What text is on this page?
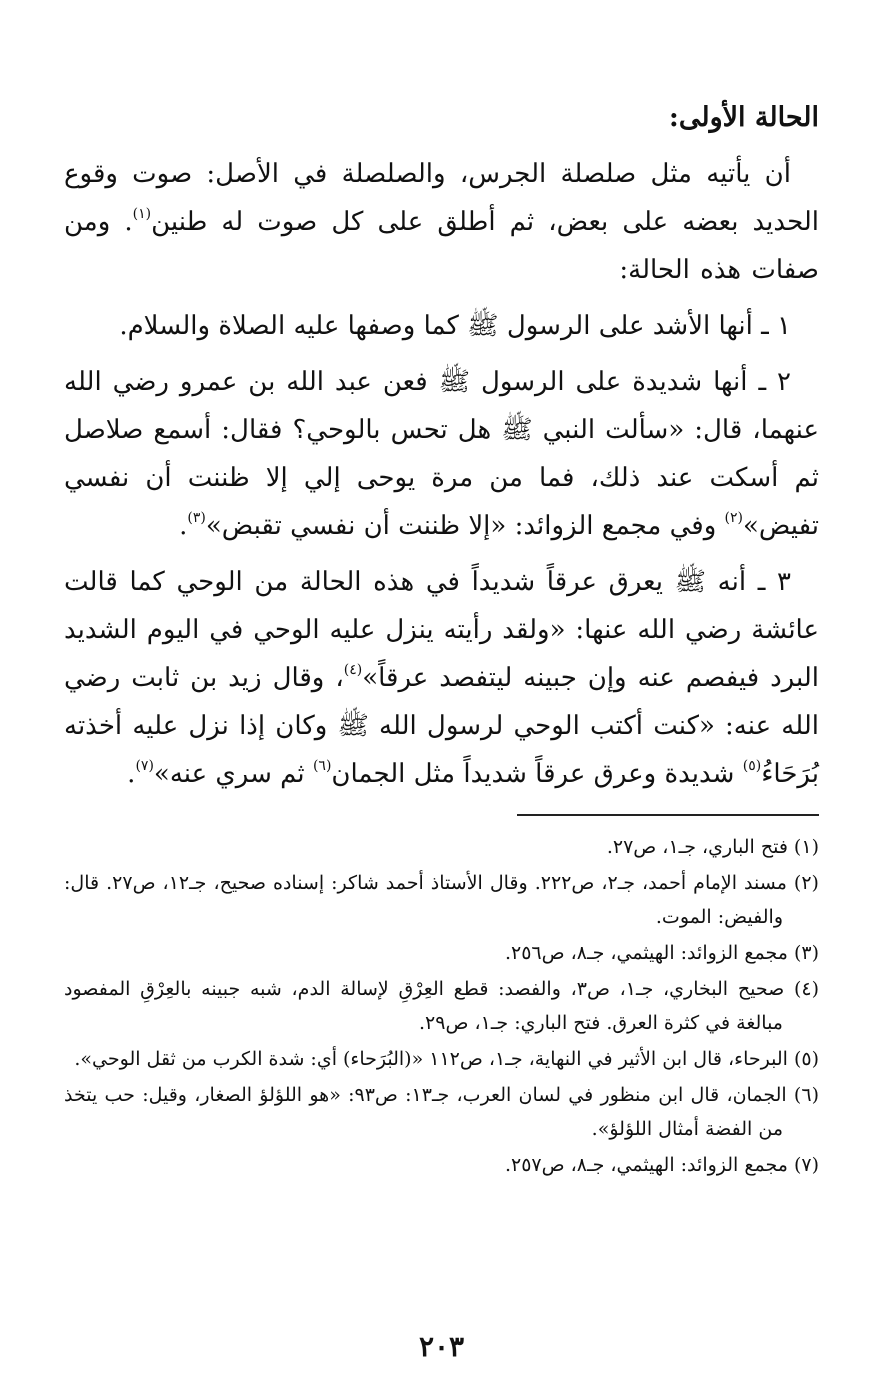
الحالة الأولى:

أن يأتيه مثل صلصلة الجرس، والصلصلة في الأصل: صوت وقوع الحديد بعضه على بعض، ثم أطلق على كل صوت له طنين$^{(١)}$. ومن صفات هذه الحالة:

١ ـ أنها الأشد على الرسول ﷺ كما وصفها عليه الصلاة والسلام.

٢ ـ أنها شديدة على الرسول ﷺ فعن عبد الله بن عمرو رضي الله عنهما، قال: «سألت النبي ﷺ هل تحس بالوحي؟ فقال: أسمع صلاصل ثم أسكت عند ذلك، فما من مرة يوحى إلي إلا ظننت أن نفسي تفيض»$^{(٢)}$ وفي مجمع الزوائد: «إلا ظننت أن نفسي تقبض»$^{(٣)}$.

٣ ـ أنه ﷺ يعرق عرقاً شديداً في هذه الحالة من الوحي كما قالت عائشة رضي الله عنها: «ولقد رأيته ينزل عليه الوحي في اليوم الشديد البرد فيفصم عنه وإن جبينه ليتفصد عرقاً»$^{(٤)}$، وقال زيد بن ثابت رضي الله عنه: «كنت أكتب الوحي لرسول الله ﷺ وكان إذا نزل عليه أخذته بُرَحَاءُ$^{(٥)}$ شديدة وعرق عرقاً شديداً مثل الجمان$^{(٦)}$ ثم سري عنه»$^{(٧)}$.

(١) فتح الباري، جـ١، ص٢٧.

(٢) مسند الإمام أحمد، جـ٢، ص٢٢٢. وقال الأستاذ أحمد شاكر: إسناده صحيح، جـ١٢، ص٢٧. قال: والفيض: الموت.

(٣) مجمع الزوائد: الهيثمي، جـ٨، ص٢٥٦.

(٤) صحيح البخاري، جـ١، ص٣، والفصد: قطع العِرْقِ لإسالة الدم، شبه جبينه بالعِرْقِ المفصود مبالغة في كثرة العرق. فتح الباري: جـ١، ص٢٩.

(٥) البرحاء، قال ابن الأثير في النهاية، جـ١، ص١١٢ «(البُرَحاء) أي: شدة الكرب من ثقل الوحي».

(٦) الجمان، قال ابن منظور في لسان العرب، جـ١٣: ص٩٣: «هو اللؤلؤ الصغار، وقيل: حب يتخذ من الفضة أمثال اللؤلؤ».

(٧) مجمع الزوائد: الهيثمي، جـ٨، ص٢٥٧.

٢٠٣
